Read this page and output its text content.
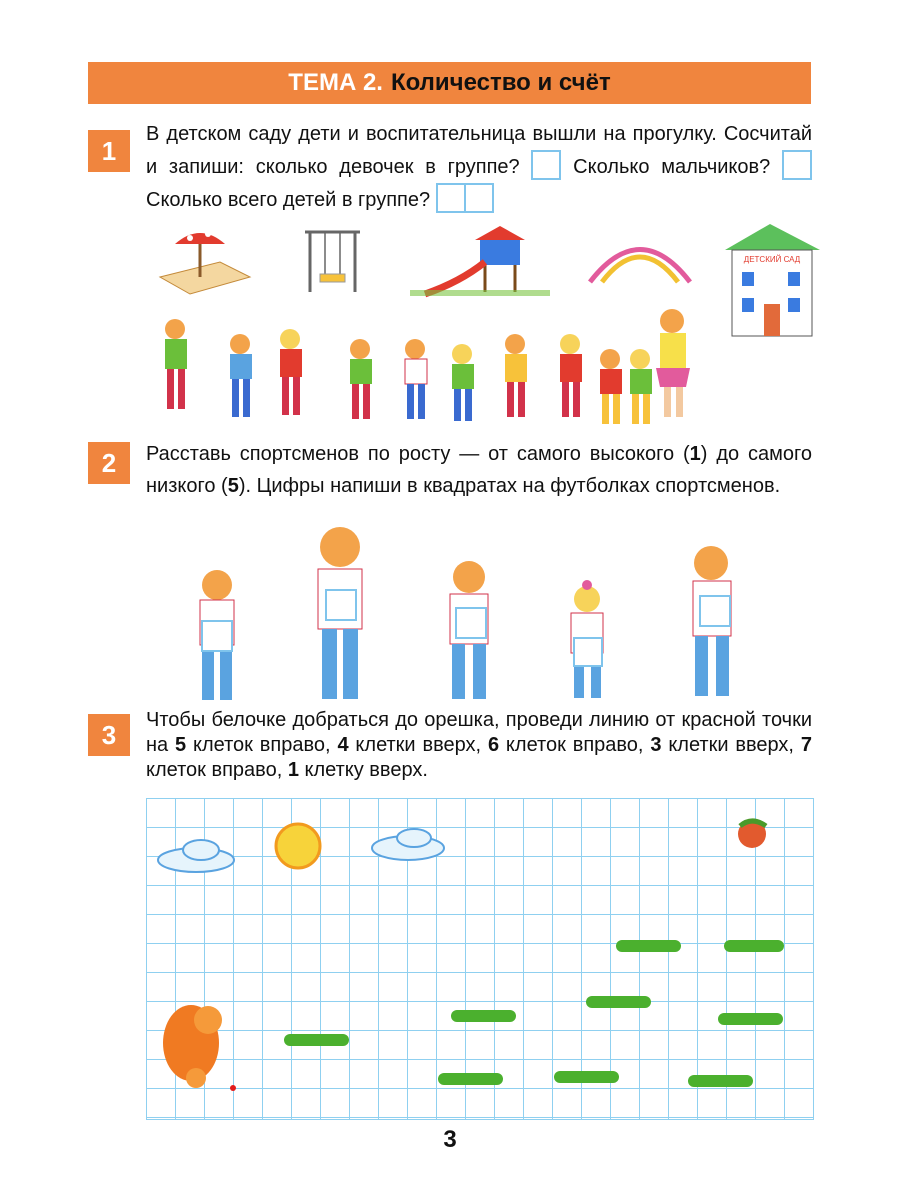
ТЕМА 2. Количество и счёт
1
В детском саду дети и воспитательница вышли на прогулку. Сосчитай и запиши: сколько девочек в группе?	Сколько мальчиков?  Сколько всего детей в группе?
ДЕТСКИЙ САД
2	Расставь спортсменов по росту — от самого высокого (1) до самого низкого (5). Цифры напиши в квадратах на футболках спортсменов.
3	Чтобы белочке добраться до орешка, проведи линию от красной точки на 5 клеток вправо, 4 клетки вверх, 6 клеток вправо, 3 клетки вверх, 7 клеток вправо, 1 клетку вверх.
3
